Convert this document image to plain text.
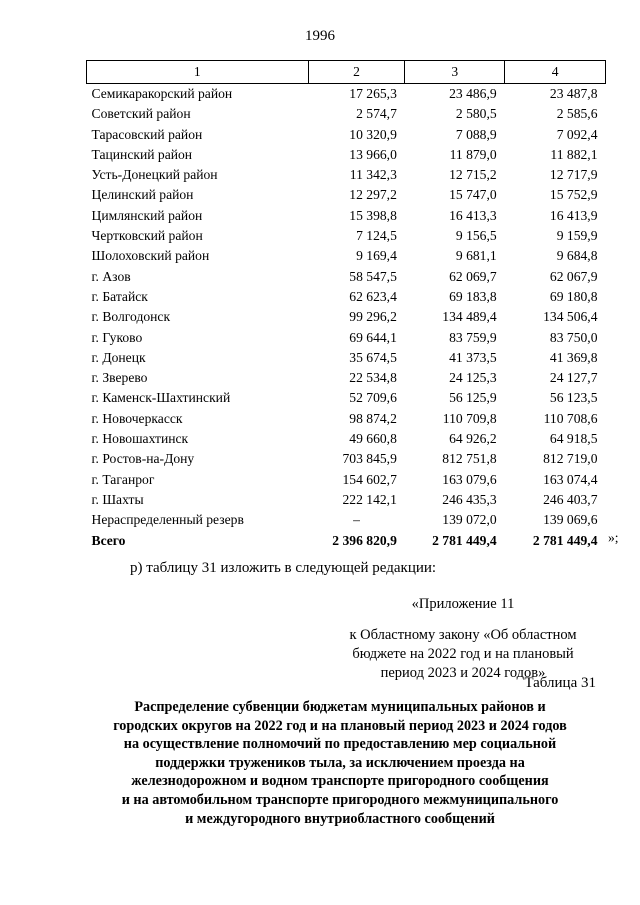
1996
1	2	3	4
Семикаракорский район	17 265,3	23 486,9	23 487,8
Советский район	2 574,7	2 580,5	2 585,6
Тарасовский район	10 320,9	7 088,9	7 092,4
Тацинский район	13 966,0	11 879,0	11 882,1
Усть-Донецкий район	11 342,3	12 715,2	12 717,9
Целинский район	12 297,2	15 747,0	15 752,9
Цимлянский район	15 398,8	16 413,3	16 413,9
Чертковский район	7 124,5	9 156,5	9 159,9
Шолоховский район	9 169,4	9 681,1	9 684,8
г. Азов	58 547,5	62 069,7	62 067,9
г. Батайск	62 623,4	69 183,8	69 180,8
г. Волгодонск	99 296,2	134 489,4	134 506,4
г. Гуково	69 644,1	83 759,9	83 750,0
г. Донецк	35 674,5	41 373,5	41 369,8
г. Зверево	22 534,8	24 125,3	24 127,7
г. Каменск-Шахтинский	52 709,6	56 125,9	56 123,5
г. Новочеркасск	98 874,2	110 709,8	110 708,6
г. Новошахтинск	49 660,8	64 926,2	64 918,5
г. Ростов-на-Дону	703 845,9	812 751,8	812 719,0
г. Таганрог	154 602,7	163 079,6	163 074,4
г. Шахты	222 142,1	246 435,3	246 403,7
Нераспределенный резерв	–	139 072,0	139 069,6
Всего	2 396 820,9	2 781 449,4	2 781 449,4 »;
р) таблицу 31 изложить в следующей редакции:
«Приложение 11
к Областному закону «Об областном
бюджете на 2022 год и на плановый
период 2023 и 2024 годов»
Таблица 31
Распределение субвенции бюджетам муниципальных районов и
городских округов на 2022 год и на плановый период 2023 и 2024 годов
на осуществление полномочий по предоставлению мер социальной
поддержки тружеников тыла, за исключением проезда на
железнодорожном и водном транспорте пригородного сообщения
и на автомобильном транспорте пригородного межмуниципального
и междугородного внутриобластного сообщений
